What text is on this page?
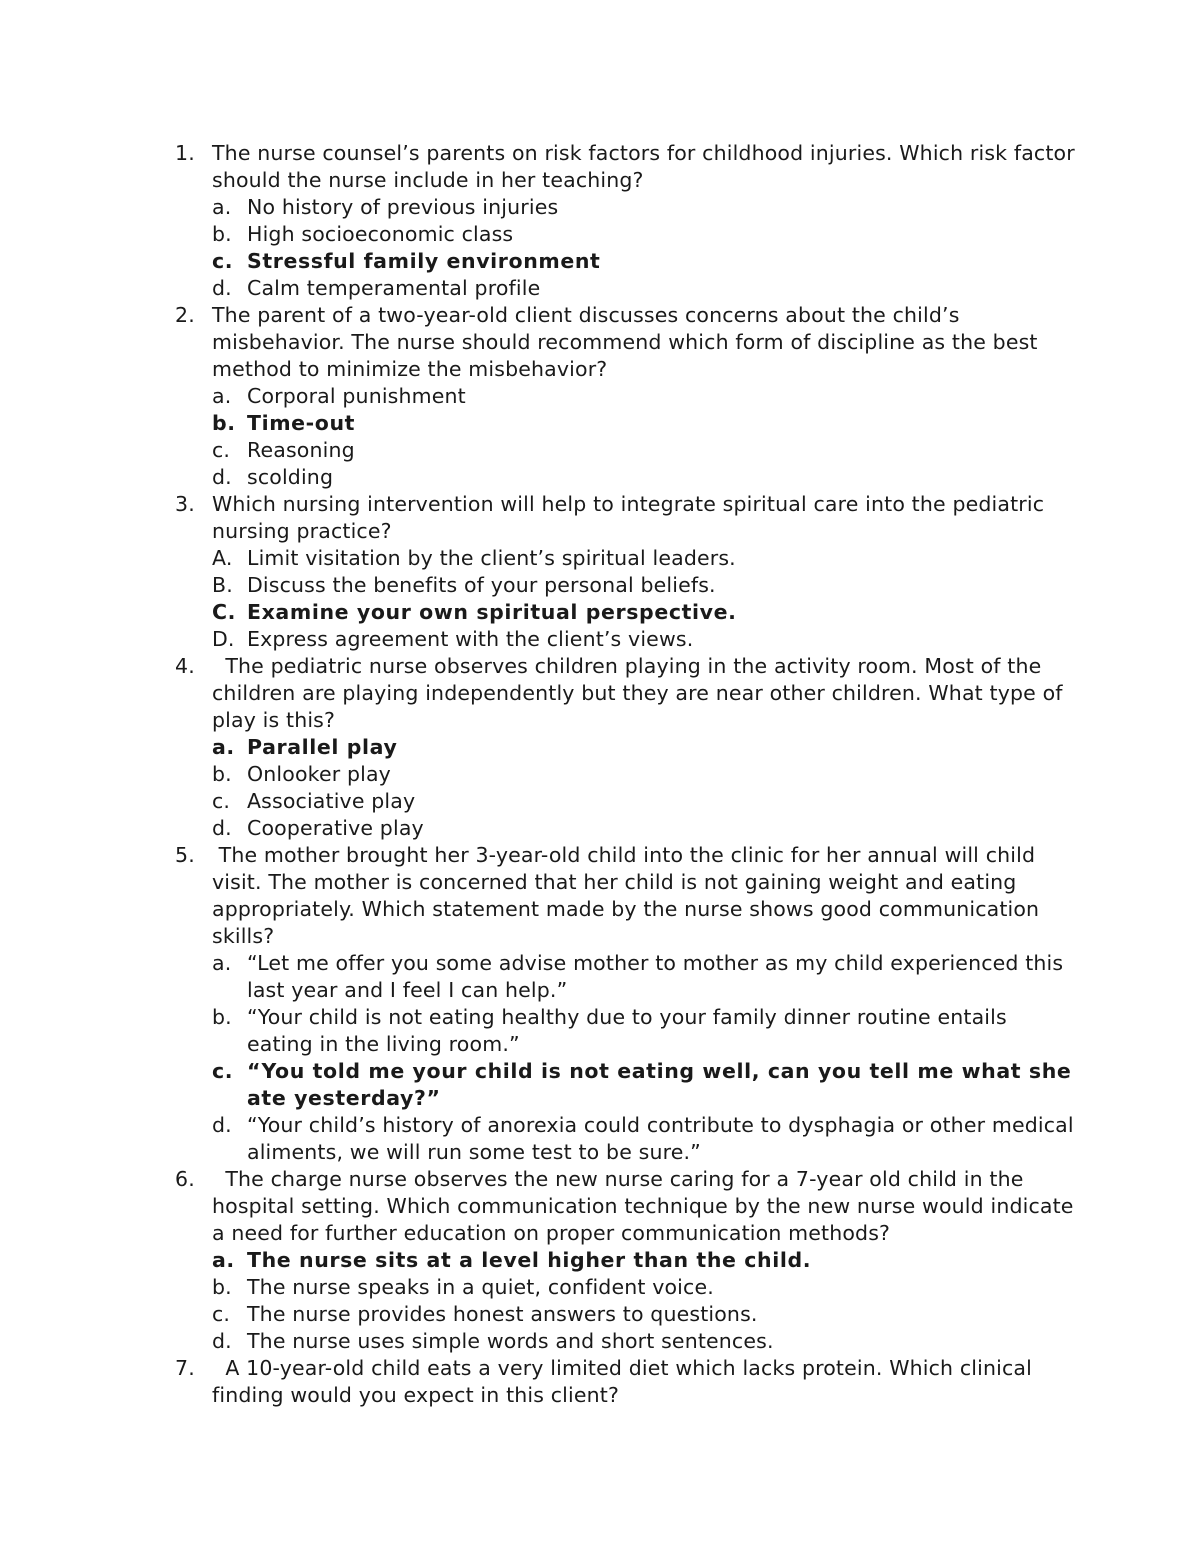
1. The nurse counsel’s parents on risk factors for childhood injuries. Which risk factor should the nurse include in her teaching?
a. No history of previous injuries
b. High socioeconomic class
c. Stressful family environment
d. Calm temperamental profile
2. The parent of a two-year-old client discusses concerns about the child’s misbehavior. The nurse should recommend which form of discipline as the best method to minimize the misbehavior?
a. Corporal punishment
b. Time-out
c. Reasoning
d. scolding
3. Which nursing intervention will help to integrate spiritual care into the pediatric nursing practice?
A. Limit visitation by the client’s spiritual leaders.
B. Discuss the benefits of your personal beliefs.
C. Examine your own spiritual perspective.
D. Express agreement with the client’s views.
4. The pediatric nurse observes children playing in the activity room. Most of the children are playing independently but they are near other children. What type of play is this?
a. Parallel play
b. Onlooker play
c. Associative play
d. Cooperative play
5. The mother brought her 3-year-old child into the clinic for her annual will child visit. The mother is concerned that her child is not gaining weight and eating appropriately. Which statement made by the nurse shows good communication skills?
a. “Let me offer you some advise mother to mother as my child experienced this last year and I feel I can help.”
b. “Your child is not eating healthy due to your family dinner routine entails eating in the living room.”
c. “You told me your child is not eating well, can you tell me what she ate yesterday?”
d. “Your child’s history of anorexia could contribute to dysphagia or other medical aliments, we will run some test to be sure.”
6. The charge nurse observes the new nurse caring for a 7-year old child in the hospital setting. Which communication technique by the new nurse would indicate a need for further education on proper communication methods?
a. The nurse sits at a level higher than the child.
b. The nurse speaks in a quiet, confident voice.
c. The nurse provides honest answers to questions.
d. The nurse uses simple words and short sentences.
7. A 10-year-old child eats a very limited diet which lacks protein. Which clinical finding would you expect in this client?
